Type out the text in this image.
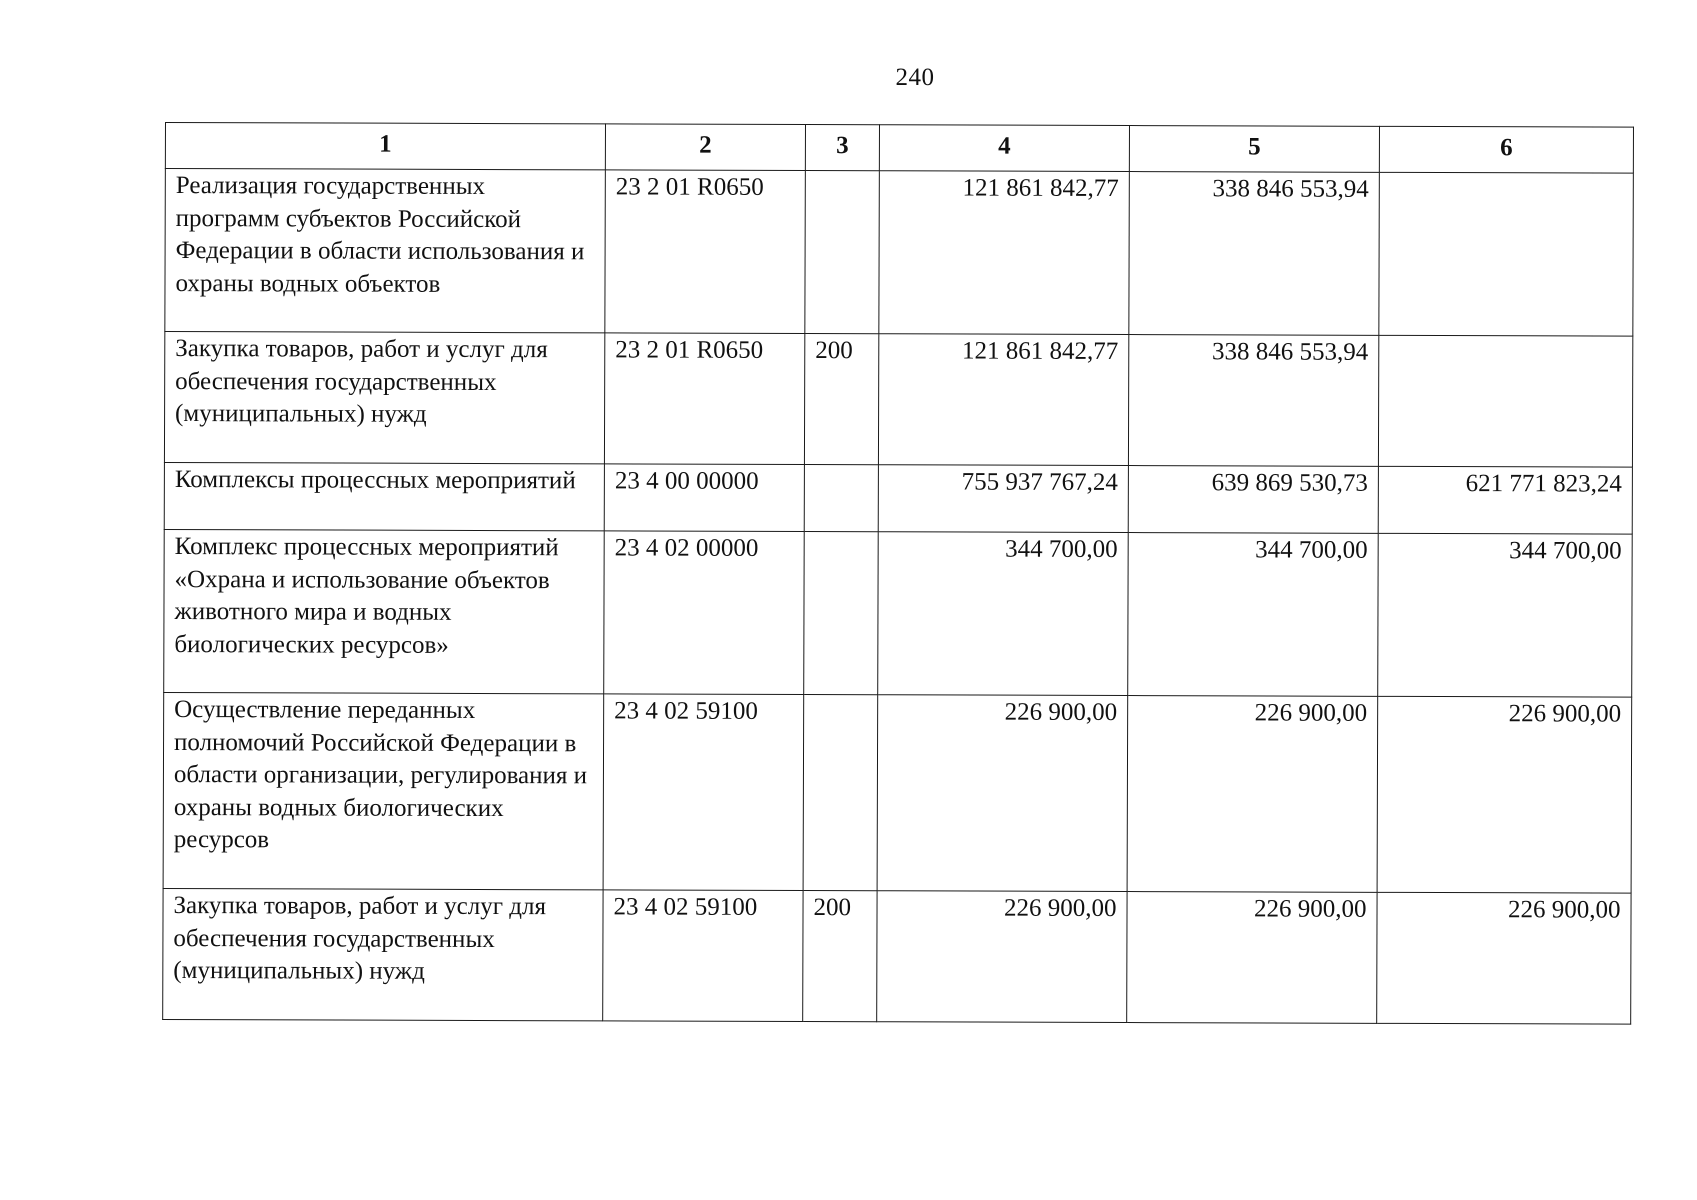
240
1	2	3	4	5	6
Реализация государственных программ субъектов Российской Федерации в области использования и охраны водных объектов	23 2 01 R0650		121 861 842,77	338 846 553,94	
Закупка товаров, работ и услуг для обеспечения государственных (муниципальных) нужд	23 2 01 R0650	200	121 861 842,77	338 846 553,94	
Комплексы процессных мероприятий	23 4 00 00000		755 937 767,24	639 869 530,73	621 771 823,24
Комплекс процессных мероприятий «Охрана и использование объектов животного мира и водных биологических ресурсов»	23 4 02 00000		344 700,00	344 700,00	344 700,00
Осуществление переданных полномочий Российской Федерации в области организации, регулирования и охраны водных биологических ресурсов	23 4 02 59100		226 900,00	226 900,00	226 900,00
Закупка товаров, работ и услуг для обеспечения государственных (муниципальных) нужд	23 4 02 59100	200	226 900,00	226 900,00	226 900,00
